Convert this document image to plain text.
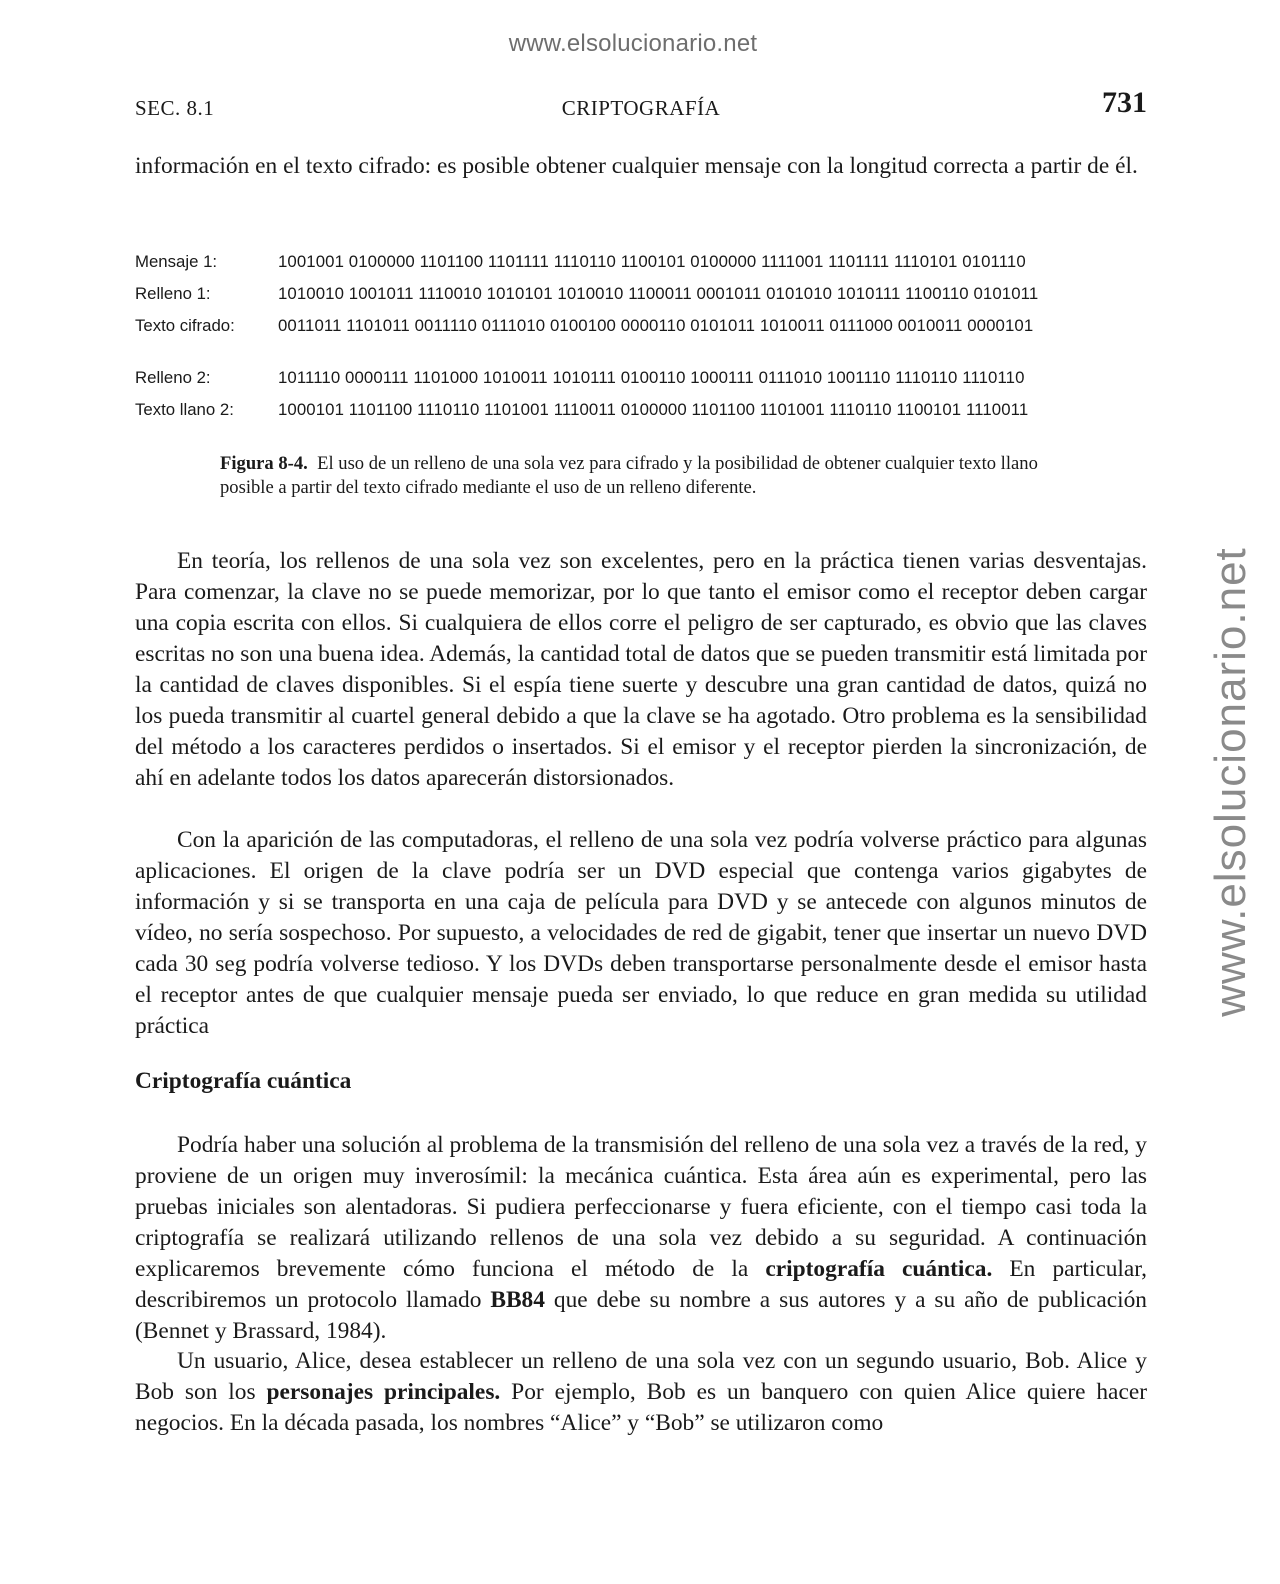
www.elsolucionario.net
www.elsolucionario.net
SEC. 8.1	CRIPTOGRAFÍA	731

información en el texto cifrado: es posible obtener cualquier mensaje con la longitud correcta a partir de él.

Mensaje 1:	1001001 0100000 1101100 1101111 1110110 1100101 0100000 1111001 1101111 1110101 0101110
Relleno 1:	1010010 1001011 1110010 1010101 1010010 1100011 0001011 0101010 1010111 1100110 0101011
Texto cifrado:	0011011 1101011 0011110 0111010 0100100 0000110 0101011 1010011 0111000 0010011 0000101
Relleno 2:	1011110 0000111 1101000 1010011 1010111 0100110 1000111 0111010 1001110 1110110 1110110
Texto llano 2:	1000101 1101100 1110110 1101001 1110011 0100000 1101100 1101001 1110110 1100101 1110011

Figura 8-4. El uso de un relleno de una sola vez para cifrado y la posibilidad de obtener cualquier texto llano posible a partir del texto cifrado mediante el uso de un relleno diferente.

En teoría, los rellenos de una sola vez son excelentes, pero en la práctica tienen varias desventajas. Para comenzar, la clave no se puede memorizar, por lo que tanto el emisor como el receptor deben cargar una copia escrita con ellos. Si cualquiera de ellos corre el peligro de ser capturado, es obvio que las claves escritas no son una buena idea. Además, la cantidad total de datos que se pueden transmitir está limitada por la cantidad de claves disponibles. Si el espía tiene suerte y descubre una gran cantidad de datos, quizá no los pueda transmitir al cuartel general debido a que la clave se ha agotado. Otro problema es la sensibilidad del método a los caracteres perdidos o insertados. Si el emisor y el receptor pierden la sincronización, de ahí en adelante todos los datos aparecerán distorsionados.

Con la aparición de las computadoras, el relleno de una sola vez podría volverse práctico para algunas aplicaciones. El origen de la clave podría ser un DVD especial que contenga varios gigabytes de información y si se transporta en una caja de película para DVD y se antecede con algunos minutos de vídeo, no sería sospechoso. Por supuesto, a velocidades de red de gigabit, tener que insertar un nuevo DVD cada 30 seg podría volverse tedioso. Y los DVDs deben transportarse personalmente desde el emisor hasta el receptor antes de que cualquier mensaje pueda ser enviado, lo que reduce en gran medida su utilidad práctica

Criptografía cuántica

Podría haber una solución al problema de la transmisión del relleno de una sola vez a través de la red, y proviene de un origen muy inverosímil: la mecánica cuántica. Esta área aún es experimental, pero las pruebas iniciales son alentadoras. Si pudiera perfeccionarse y fuera eficiente, con el tiempo casi toda la criptografía se realizará utilizando rellenos de una sola vez debido a su seguridad. A continuación explicaremos brevemente cómo funciona el método de la criptografía cuántica. En particular, describiremos un protocolo llamado BB84 que debe su nombre a sus autores y a su año de publicación (Bennet y Brassard, 1984).

Un usuario, Alice, desea establecer un relleno de una sola vez con un segundo usuario, Bob. Alice y Bob son los personajes principales. Por ejemplo, Bob es un banquero con quien Alice quiere hacer negocios. En la década pasada, los nombres “Alice” y “Bob” se utilizaron como
